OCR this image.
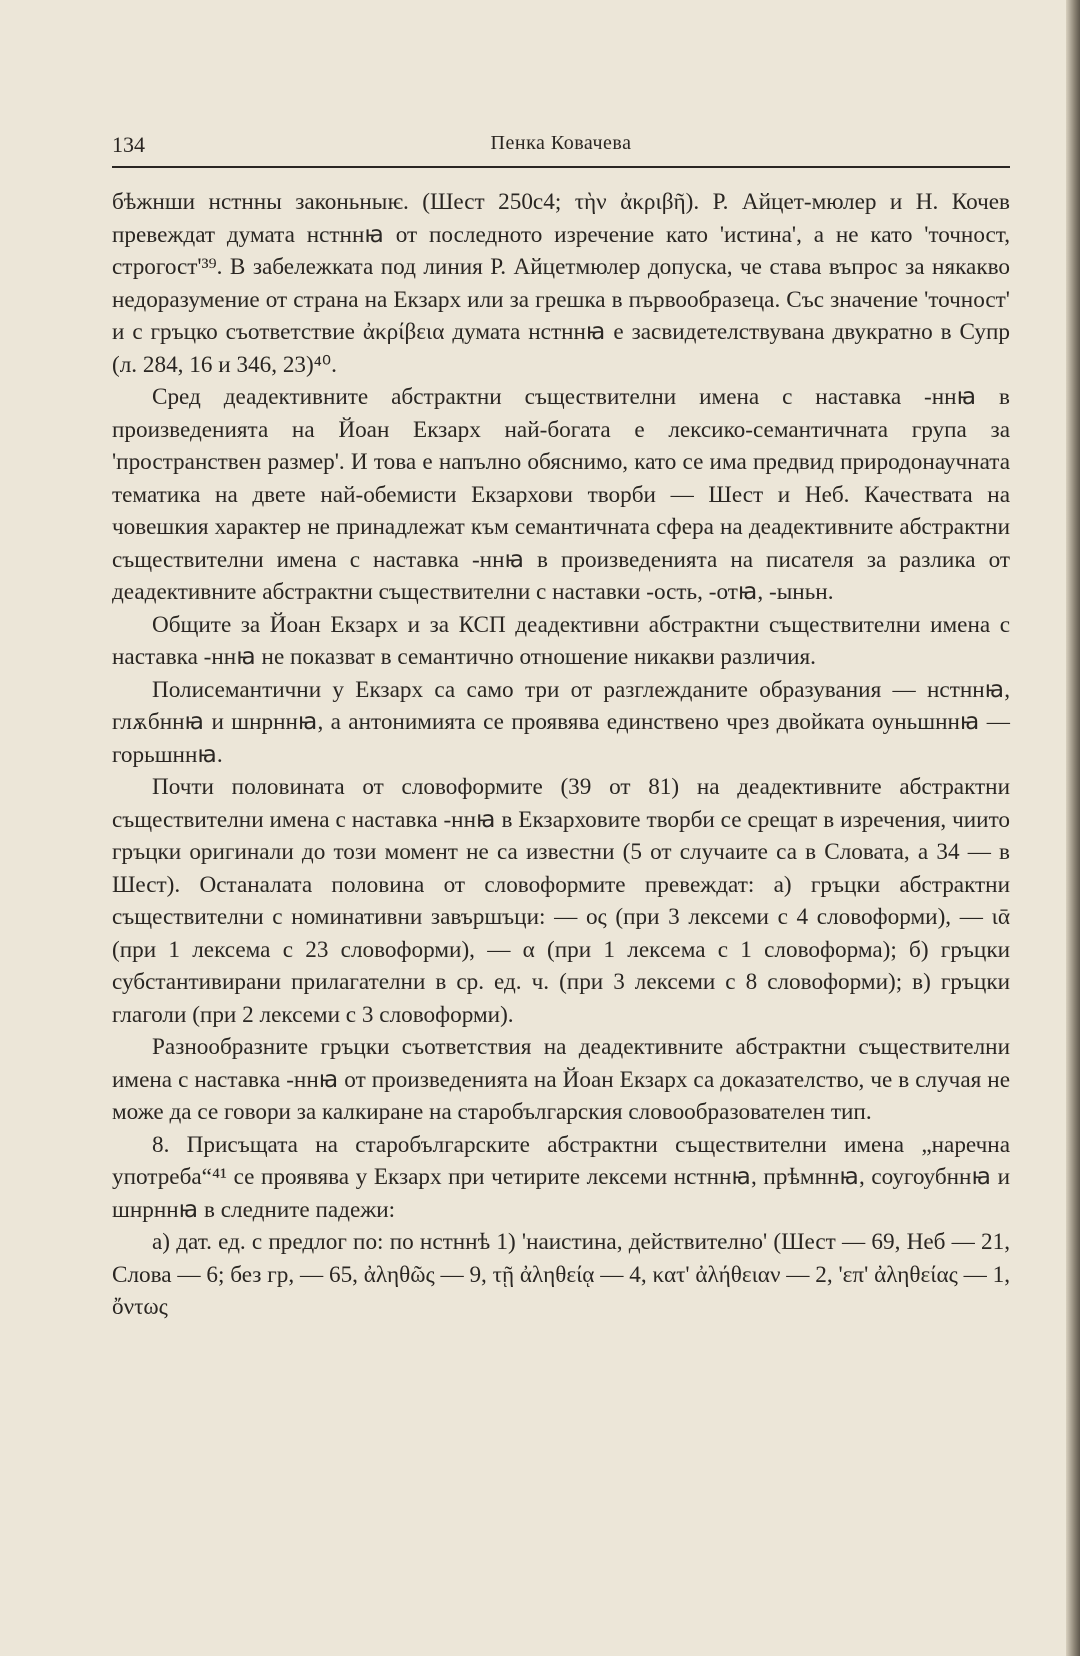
134	Пенка Ковачева

бѣжнши нстнны законьныѥ. (Шест 250с4; τὴν ἀκριβῆ). Р. Айцет-мюлер и Н. Кочев превеждат думата нстннꙗ от последното изречение като 'истина', а не като 'точност, строгост'³⁹. В забележката под линия Р. Айцетмюлер допуска, че става въпрос за някакво недоразумение от страна на Екзарх или за грешка в първообразеца. Със значение 'точност' и с гръцко съответствие ἀκρίβεια думата нстннꙗ е засвидетелствувана двукратно в Супр (л. 284, 16 и 346, 23)⁴⁰.

Сред деадективните абстрактни съществителни имена с наставка -ннꙗ в произведенията на Йоан Екзарх най-богата е лексико-семантичната група за 'пространствен размер'. И това е напълно обяснимо, като се има предвид природонаучната тематика на двете най-обемисти Екзархови творби — Шест и Неб. Качествата на човешкия характер не принадлежат към семантичната сфера на деадективните абстрактни съществителни имена с наставка -ннꙗ в произведенията на писателя за разлика от деадективните абстрактни съществителни с наставки -ость, -отꙗ, -ыньн.

Общите за Йоан Екзарх и за КСП деадективни абстрактни съществителни имена с наставка -ннꙗ не показват в семантично отношение никакви различия.

Полисемантични у Екзарх са само три от разглежданите образувания — нстннꙗ, глѫбннꙗ и шнрннꙗ, а антонимията се проявява единствено чрез двойката оуньшннꙗ — горьшннꙗ.

Почти половината от словоформите (39 от 81) на деадективните абстрактни съществителни имена с наставка -ннꙗ в Екзарховите творби се срещат в изречения, чиито гръцки оригинали до този момент не са известни (5 от случаите са в Словата, а 34 — в Шест). Останалата половина от словоформите превеждат: а) гръцки абстрактни съществителни с номинативни завършъци: — ος (при 3 лексеми с 4 словоформи), — ιᾱ (при 1 лексема с 23 словоформи), — α (при 1 лексема с 1 словоформа); б) гръцки субстантивирани прилагателни в ср. ед. ч. (при 3 лексеми с 8 словоформи); в) гръцки глаголи (при 2 лексеми с 3 словоформи).

Разнообразните гръцки съответствия на деадективните абстрактни съществителни имена с наставка -ннꙗ от произведенията на Йоан Екзарх са доказателство, че в случая не може да се говори за калкиране на старобългарския словообразователен тип.

8. Присъщата на старобългарските абстрактни съществителни имена „наречна употреба“⁴¹ се проявява у Екзарх при четирите лексеми нстннꙗ, прѣмннꙗ, соугоубннꙗ и шнрннꙗ в следните падежи:

а) дат. ед. с предлог по: по нстннѣ 1) 'наистина, действително' (Шест — 69, Неб — 21, Слова — 6; без гр, — 65, ἀληθῶς — 9, τῇ ἀληθείᾳ — 4, κατ' ἀλήθειαν — 2, 'επ' ἀληθείας — 1, ὄντως
